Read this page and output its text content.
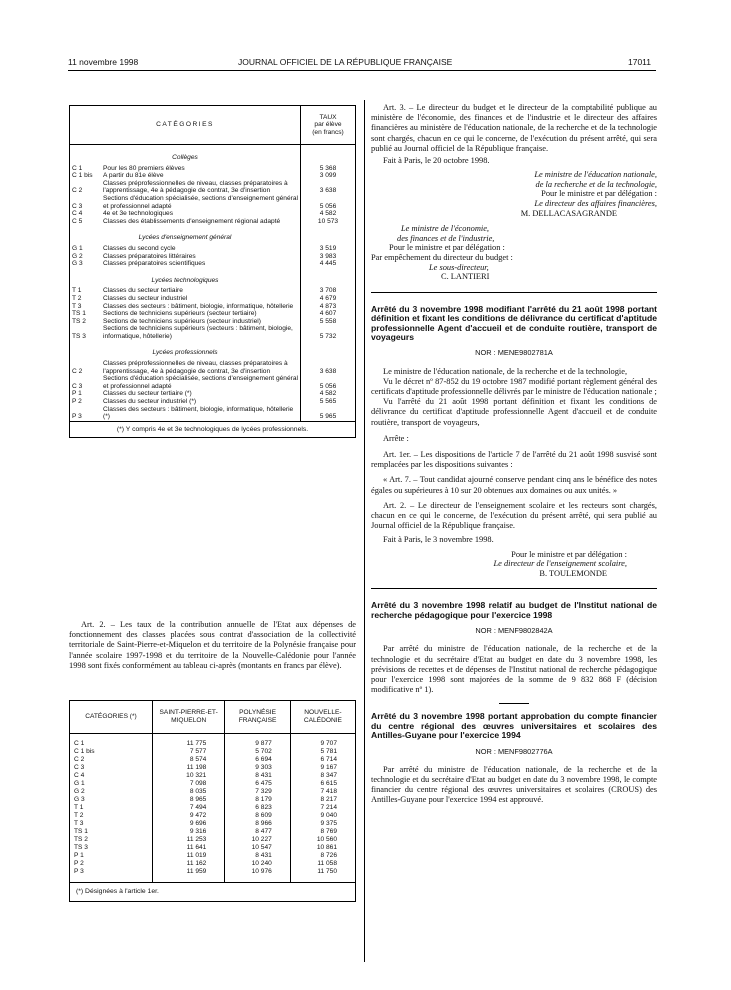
11 novembre 1998	JOURNAL OFFICIEL DE LA RÉPUBLIQUE FRANÇAISE	17011
CATÉGORIES		TAUX
par élève
(en francs)
Collèges		
C 1	Pour les 80 premiers élèves	5 368
C 1 bis	A partir du 81e élève	3 099
C 2	Classes préprofessionnelles de niveau, classes préparatoires à l'apprentissage, 4e à pédagogie de contrat, 3e d'insertion	3 638
C 3	Sections d'éducation spécialisée, sections d'enseignement général et professionnel adapté	5 056
C 4	4e et 3e technologiques	4 582
C 5	Classes des établissements d'enseignement régional adapté	10 573
Lycées d'enseignement général		
G 1	Classes du second cycle	3 519
G 2	Classes préparatoires littéraires	3 983
G 3	Classes préparatoires scientifiques	4 445
Lycées technologiques		
T 1	Classes du secteur tertiaire	3 708
T 2	Classes du secteur industriel	4 679
T 3	Classes des secteurs : bâtiment, biologie, informatique, hôtellerie	4 873
TS 1	Sections de techniciens supérieurs (secteur tertiaire)	4 607
TS 2	Sections de techniciens supérieurs (secteur industriel)	5 558
TS 3	Sections de techniciens supérieurs (secteurs : bâtiment, biologie, informatique, hôtellerie)	5 732
Lycées professionnels		
C 2	Classes préprofessionnelles de niveau, classes préparatoires à l'apprentissage, 4e à pédagogie de contrat, 3e d'insertion	3 638
C 3	Sections d'éducation spécialisée, sections d'enseignement général et professionnel adapté	5 056
P 1	Classes du secteur tertiaire (*)	4 582
P 2	Classes du secteur industriel (*)	5 565
P 3	Classes des secteurs : bâtiment, biologie, informatique, hôtellerie (*)	5 965
(*) Y compris 4e et 3e technologiques de lycées professionnels.		

Art. 2. – Les taux de la contribution annuelle de l'Etat aux dépenses de fonctionnement des classes placées sous contrat d'association de la collectivité territoriale de Saint-Pierre-et-Miquelon et du territoire de la Polynésie française pour l'année scolaire 1997-1998 et du territoire de la Nouvelle-Calédonie pour l'année 1998 sont fixés conformément au tableau ci-après (montants en francs par élève).

CATÉGORIES (*)	SAINT-PIERRE-ET-MIQUELON	POLYNÉSIE FRANÇAISE	NOUVELLE-CALÉDONIE

C 1	11 775	9 877	9 707
C 1 bis	7 577	5 702	5 781
C 2	8 574	6 694	6 714
C 3	11 198	9 303	9 167
C 4	10 321	8 431	8 347
G 1	7 098	6 475	6 615
G 2	8 035	7 329	7 418
G 3	8 965	8 179	8 217
T 1	7 494	6 823	7 214
T 2	9 472	8 609	9 040
T 3	9 696	8 966	9 375
TS 1	9 316	8 477	8 769
TS 2	11 253	10 227	10 560
TS 3	11 641	10 547	10 861
P 1	11 019	8 431	8 726
P 2	11 162	10 240	11 058
P 3	11 959	10 976	11 750

(*) Désignées à l'article 1er.			

Art. 3. – Le directeur du budget et le directeur de la comptabilité publique au ministère de l'économie, des finances et de l'industrie et le directeur des affaires financières au ministère de l'éducation nationale, de la recherche et de la technologie sont chargés, chacun en ce qui le concerne, de l'exécution du présent arrêté, qui sera publié au Journal officiel de la République française.

Fait à Paris, le 20 octobre 1998.

Le ministre de l'éducation nationale,
de la recherche et de la technologie,
Pour le ministre et par délégation :
Le directeur des affaires financières,
M. DELLACASAGRANDE
Le ministre de l'économie,
des finances et de l'industrie,
Pour le ministre et par délégation :
Par empêchement du directeur du budget :
Le sous-directeur,
C. LANTIERI
Arrêté du 3 novembre 1998 modifiant l'arrêté du 21 août 1998 portant définition et fixant les conditions de délivrance du certificat d'aptitude professionnelle Agent d'accueil et de conduite routière, transport de voyageurs
NOR : MENE9802781A

Le ministre de l'éducation nationale, de la recherche et de la technologie,

Vu le décret nº 87-852 du 19 octobre 1987 modifié portant règlement général des certificats d'aptitude professionnelle délivrés par le ministre de l'éducation nationale ;

Vu l'arrêté du 21 août 1998 portant définition et fixant les conditions de délivrance du certificat d'aptitude professionnelle Agent d'accueil et de conduite routière, transport de voyageurs,

Arrête :

Art. 1er. – Les dispositions de l'article 7 de l'arrêté du 21 août 1998 susvisé sont remplacées par les dispositions suivantes :

« Art. 7. – Tout candidat ajourné conserve pendant cinq ans le bénéfice des notes égales ou supérieures à 10 sur 20 obtenues aux domaines ou aux unités. »

Art. 2. – Le directeur de l'enseignement scolaire et les recteurs sont chargés, chacun en ce qui le concerne, de l'exécution du présent arrêté, qui sera publié au Journal officiel de la République française.

Fait à Paris, le 3 novembre 1998.

Pour le ministre et par délégation :
Le directeur de l'enseignement scolaire,
B. TOULEMONDE
Arrêté du 3 novembre 1998 relatif au budget de l'Institut national de recherche pédagogique pour l'exercice 1998
NOR : MENF9802842A

Par arrêté du ministre de l'éducation nationale, de la recherche et de la technologie et du secrétaire d'Etat au budget en date du 3 novembre 1998, les prévisions de recettes et de dépenses de l'Institut national de recherche pédagogique pour l'exercice 1998 sont majorées de la somme de 9 832 868 F (décision modificative nº 1).

Arrêté du 3 novembre 1998 portant approbation du compte financier du centre régional des œuvres universitaires et scolaires des Antilles-Guyane pour l'exercice 1994
NOR : MENF9802776A

Par arrêté du ministre de l'éducation nationale, de la recherche et de la technologie et du secrétaire d'Etat au budget en date du 3 novembre 1998, le compte financier du centre régional des œuvres universitaires et scolaires (CROUS) des Antilles-Guyane pour l'exercice 1994 est approuvé.
